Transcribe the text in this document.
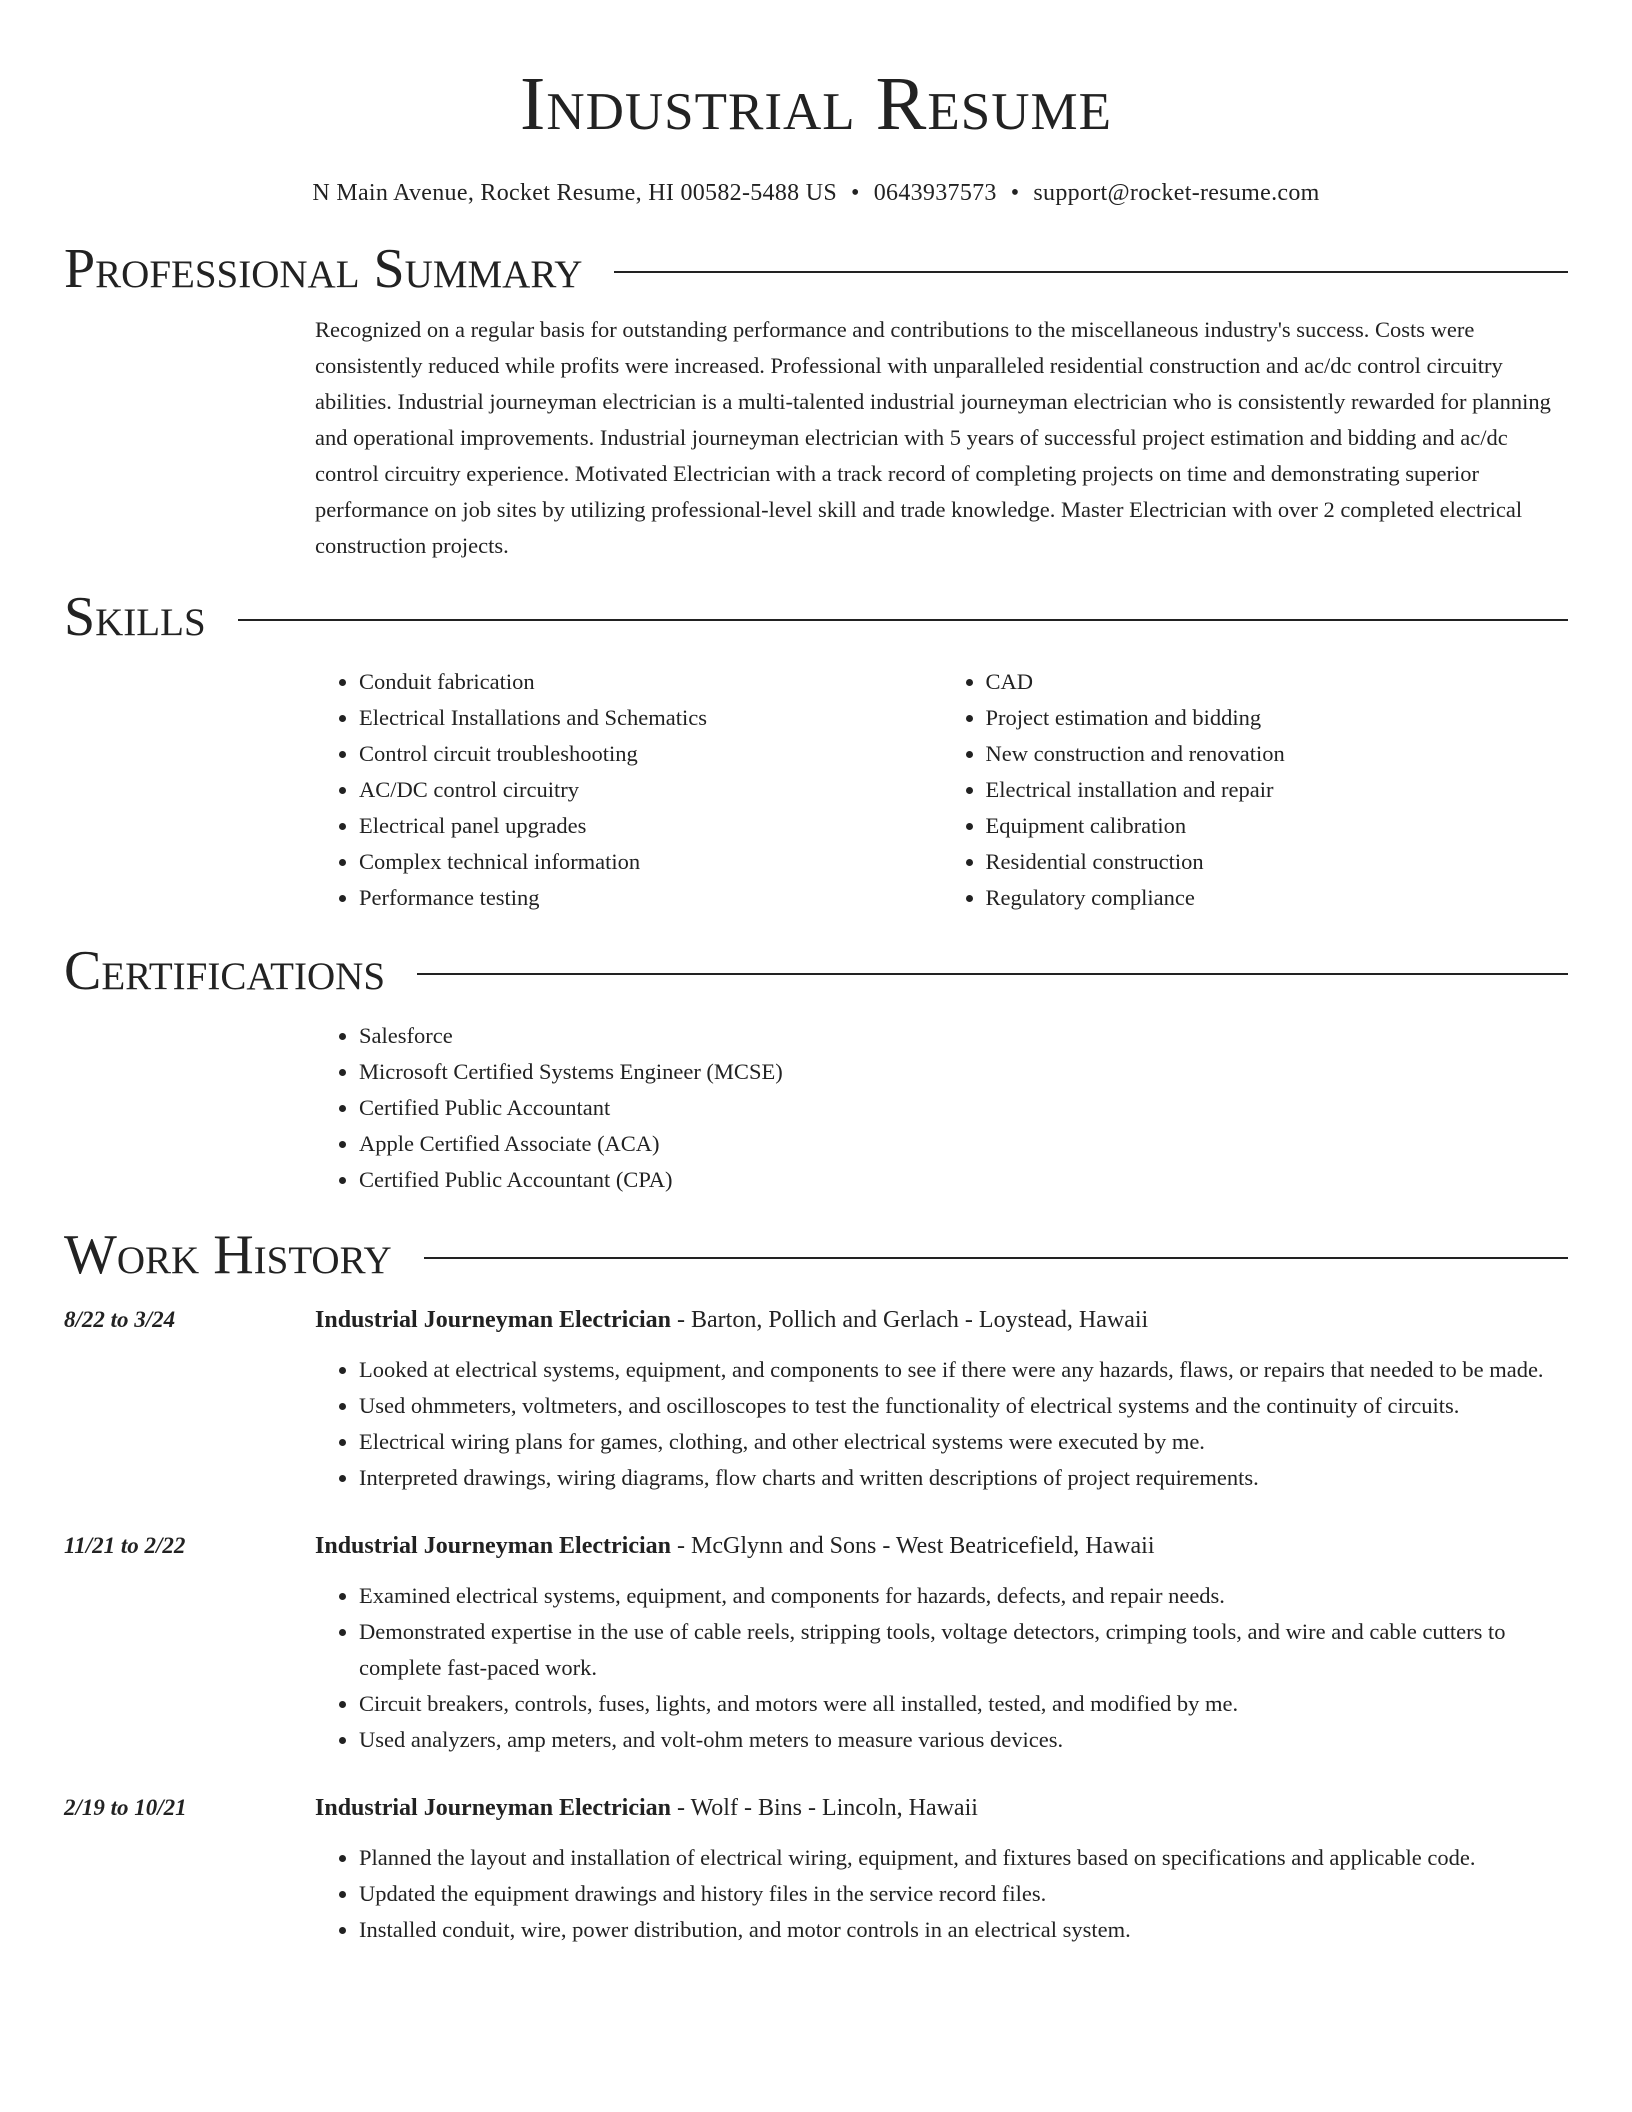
Industrial Resume
N Main Avenue, Rocket Resume, HI 00582-5488 US • 0643937573 • support@rocket-resume.com
Professional Summary

Recognized on a regular basis for outstanding performance and contributions to the miscellaneous industry's success. Costs were consistently reduced while profits were increased. Professional with unparalleled residential construction and ac/dc control circuitry abilities. Industrial journeyman electrician is a multi-talented industrial journeyman electrician who is consistently rewarded for planning and operational improvements. Industrial journeyman electrician with 5 years of successful project estimation and bidding and ac/dc control circuitry experience. Motivated Electrician with a track record of completing projects on time and demonstrating superior performance on job sites by utilizing professional-level skill and trade knowledge. Master Electrician with over 2 completed electrical construction projects.

Skills
• Conduit fabrication
• Electrical Installations and Schematics
• Control circuit troubleshooting
• AC/DC control circuitry
• Electrical panel upgrades
• Complex technical information
• Performance testing
• CAD
• Project estimation and bidding
• New construction and renovation
• Electrical installation and repair
• Equipment calibration
• Residential construction
• Regulatory compliance
Certifications
• Salesforce
• Microsoft Certified Systems Engineer (MCSE)
• Certified Public Accountant
• Apple Certified Associate (ACA)
• Certified Public Accountant (CPA)
Work History
8/22 to 3/24	Industrial Journeyman Electrician - Barton, Pollich and Gerlach - Loystead, Hawaii
• Looked at electrical systems, equipment, and components to see if there were any hazards, flaws, or repairs that needed to be made.
• Used ohmmeters, voltmeters, and oscilloscopes to test the functionality of electrical systems and the continuity of circuits.
• Electrical wiring plans for games, clothing, and other electrical systems were executed by me.
• Interpreted drawings, wiring diagrams, flow charts and written descriptions of project requirements.
11/21 to 2/22	Industrial Journeyman Electrician - McGlynn and Sons - West Beatricefield, Hawaii
• Examined electrical systems, equipment, and components for hazards, defects, and repair needs.
• Demonstrated expertise in the use of cable reels, stripping tools, voltage detectors, crimping tools, and wire and cable cutters to complete fast-paced work.
• Circuit breakers, controls, fuses, lights, and motors were all installed, tested, and modified by me.
• Used analyzers, amp meters, and volt-ohm meters to measure various devices.
2/19 to 10/21	Industrial Journeyman Electrician - Wolf - Bins - Lincoln, Hawaii
• Planned the layout and installation of electrical wiring, equipment, and fixtures based on specifications and applicable code.
• Updated the equipment drawings and history files in the service record files.
• Installed conduit, wire, power distribution, and motor controls in an electrical system.
